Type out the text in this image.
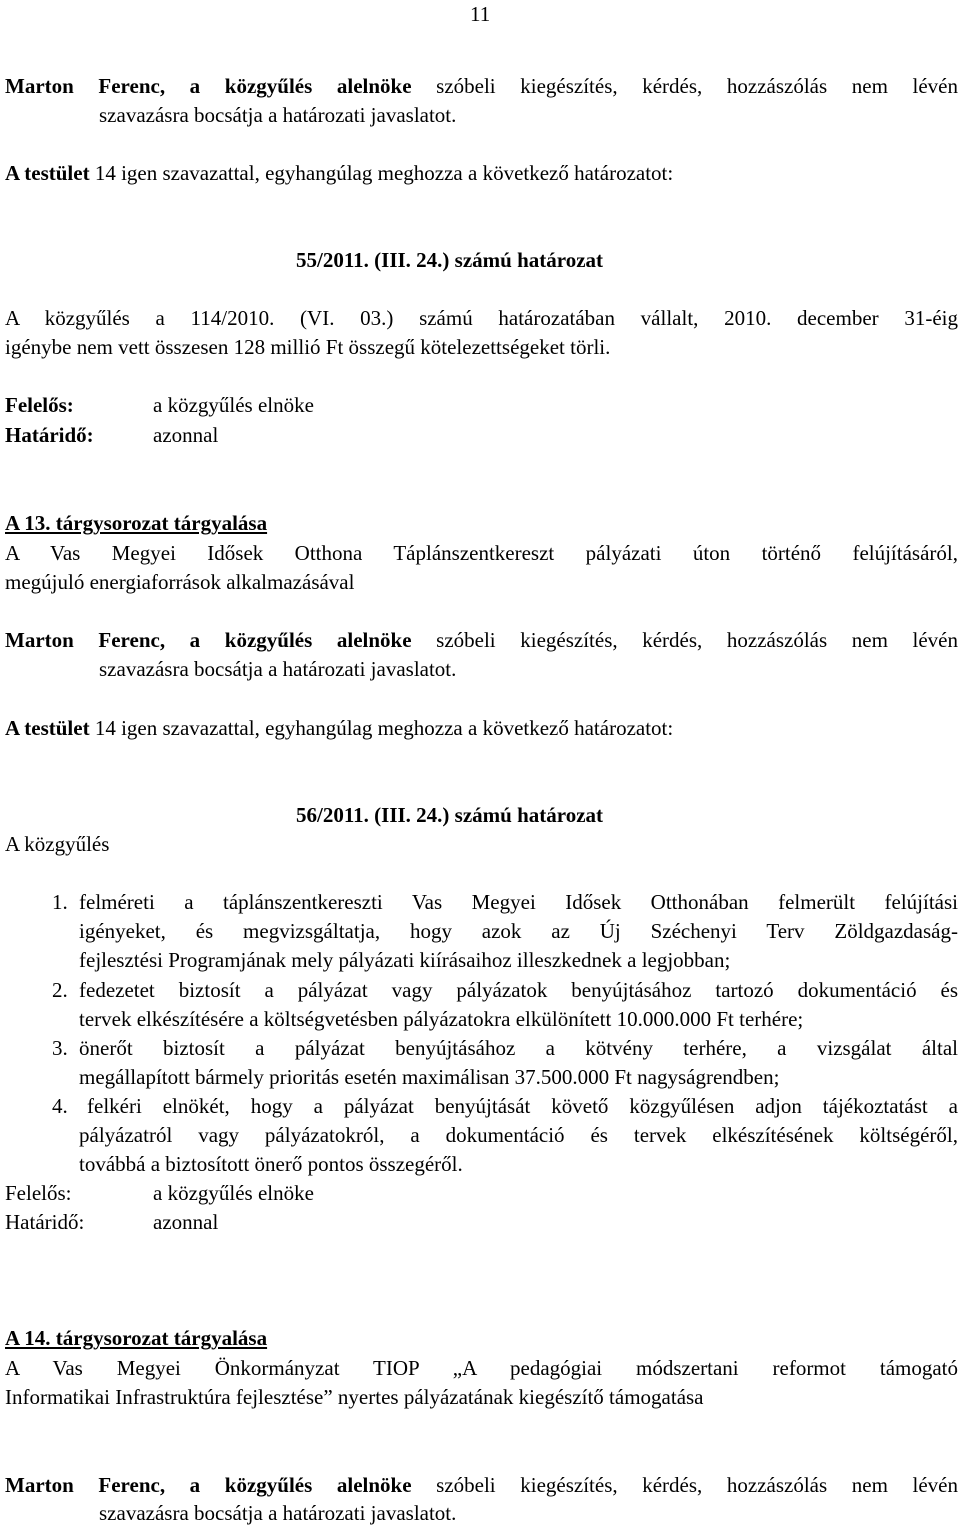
11
Marton Ferenc, a közgyűlés alelnöke szóbeli kiegészítés, kérdés, hozzászólás nem lévén
szavazásra bocsátja a határozati javaslatot.
A testület 14 igen szavazattal, egyhangúlag meghozza a következő határozatot:
55/2011. (III. 24.) számú határozat
A közgyűlés a 114/2010. (VI. 03.) számú határozatában vállalt, 2010. december 31-éig
igénybe nem vett összesen 128 millió Ft összegű kötelezettségeket törli.
Felelős:	a közgyűlés elnöke
Határidő:	azonnal
A 13. tárgysorozat tárgyalása
A Vas Megyei Idősek Otthona Táplánszentkereszt pályázati úton történő felújításáról,
megújuló energiaforrások alkalmazásával
Marton Ferenc, a közgyűlés alelnöke szóbeli kiegészítés, kérdés, hozzászólás nem lévén
szavazásra bocsátja a határozati javaslatot.
A testület 14 igen szavazattal, egyhangúlag meghozza a következő határozatot:
56/2011. (III. 24.) számú határozat
A közgyűlés
1. felméreti a táplánszentkereszti Vas Megyei Idősek Otthonában felmerült felújítási
igényeket, és megvizsgáltatja, hogy azok az Új Széchenyi Terv Zöldgazdaság-
fejlesztési Programjának mely pályázati kiírásaihoz illeszkednek a legjobban;
2. fedezetet biztosít a pályázat vagy pályázatok benyújtásához tartozó dokumentáció és
tervek elkészítésére a költségvetésben pályázatokra elkülönített 10.000.000 Ft terhére;
3. önerőt biztosít a pályázat benyújtásához a kötvény terhére, a vizsgálat által
megállapított bármely prioritás esetén maximálisan 37.500.000 Ft nagyságrendben;
4. felkéri elnökét, hogy a pályázat benyújtását követő közgyűlésen adjon tájékoztatást a
pályázatról vagy pályázatokról, a dokumentáció és tervek elkészítésének költségéről,
továbbá a biztosított önerő pontos összegéről.
Felelős:	a közgyűlés elnöke
Határidő:	azonnal
A 14. tárgysorozat tárgyalása
A Vas Megyei Önkormányzat TIOP „A pedagógiai módszertani reformot támogató
Informatikai Infrastruktúra fejlesztése” nyertes pályázatának kiegészítő támogatása
Marton Ferenc, a közgyűlés alelnöke szóbeli kiegészítés, kérdés, hozzászólás nem lévén
szavazásra bocsátja a határozati javaslatot.
